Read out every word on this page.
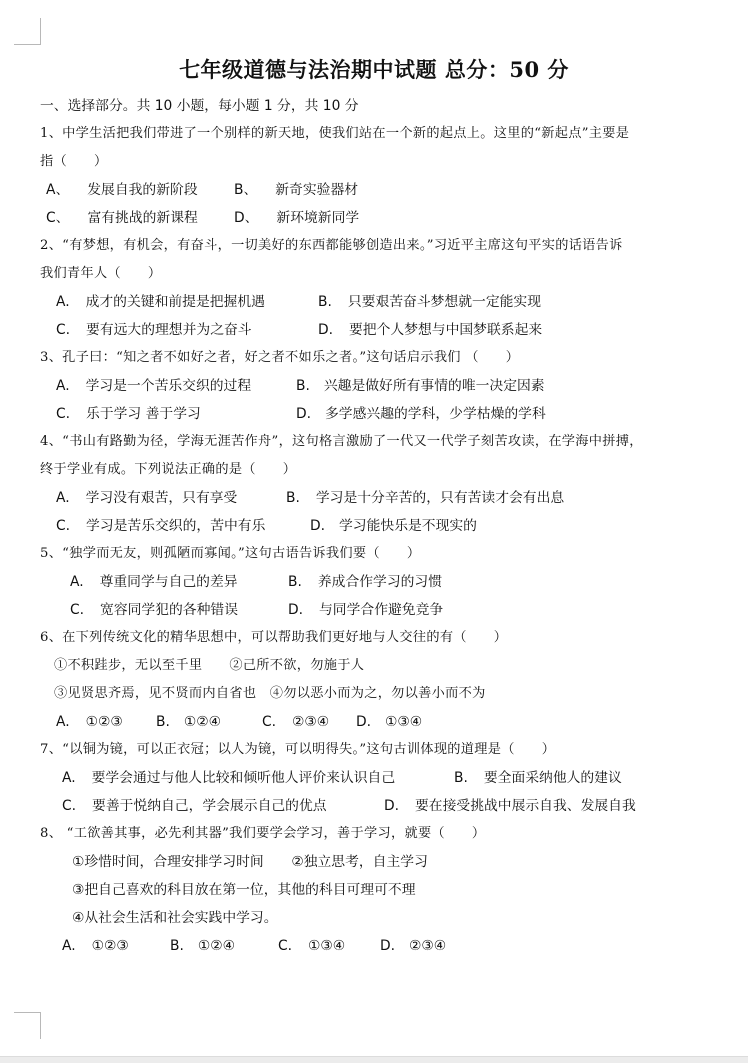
七年级道德与法治期中试题 总分：50 分
一、选择部分。共 10 小题，每小题 1 分，共 10 分
1、中学生活把我们带进了一个别样的新天地，使我们站在一个新的起点上。这里的“新起点”主要是
指（　　）
A、 发展自我的新阶段	B、 新奇实验器材
C、 富有挑战的新课程	D、 新环境新同学
2、“有梦想，有机会，有奋斗，一切美好的东西都能够创造出来。”习近平主席这句平实的话语告诉
我们青年人（　　）
A. 成才的关键和前提是把握机遇	B. 只要艰苦奋斗梦想就一定能实现
C. 要有远大的理想并为之奋斗	D. 要把个人梦想与中国梦联系起来
3、孔子曰：“知之者不如好之者，好之者不如乐之者。”这句话启示我们 （　　）
A. 学习是一个苦乐交织的过程	B. 兴趣是做好所有事情的唯一决定因素
C. 乐于学习 善于学习	D. 多学感兴趣的学科，少学枯燥的学科
4、“书山有路勤为径，学海无涯苦作舟”，这句格言激励了一代又一代学子刻苦攻读，在学海中拼搏，
终于学业有成。下列说法正确的是（　　）
A. 学习没有艰苦，只有享受	B. 学习是十分辛苦的，只有苦读才会有出息
C. 学习是苦乐交织的，苦中有乐	D. 学习能快乐是不现实的
5、“独学而无友，则孤陋而寡闻。”这句古语告诉我们要（　　）
A. 尊重同学与自己的差异	B. 养成合作学习的习惯
C. 宽容同学犯的各种错误	D. 与同学合作避免竞争
6、在下列传统文化的精华思想中，可以帮助我们更好地与人交往的有（　　）
①不积跬步，无以至千里　　②己所不欲，勿施于人
③见贤思齐焉，见不贤而内自省也　④勿以恶小而为之，勿以善小而不为
A. ①②③ B. ①②④	C. ②③④ D. ①③④
7、“以铜为镜，可以正衣冠；以人为镜，可以明得失。”这句古训体现的道理是（　　）
A. 要学会通过与他人比较和倾听他人评价来认识自己	B. 要全面采纳他人的建议
C. 要善于悦纳自己，学会展示自己的优点	D. 要在接受挑战中展示自我、发展自我
8、 “工欲善其事，必先利其器”我们要学会学习，善于学习，就要（　　）
①珍惜时间，合理安排学习时间　　②独立思考，自主学习
③把自己喜欢的科目放在第一位，其他的科目可理可不理
④从社会生活和社会实践中学习。
A. ①②③	B. ①②④	C. ①③④	D. ②③④
